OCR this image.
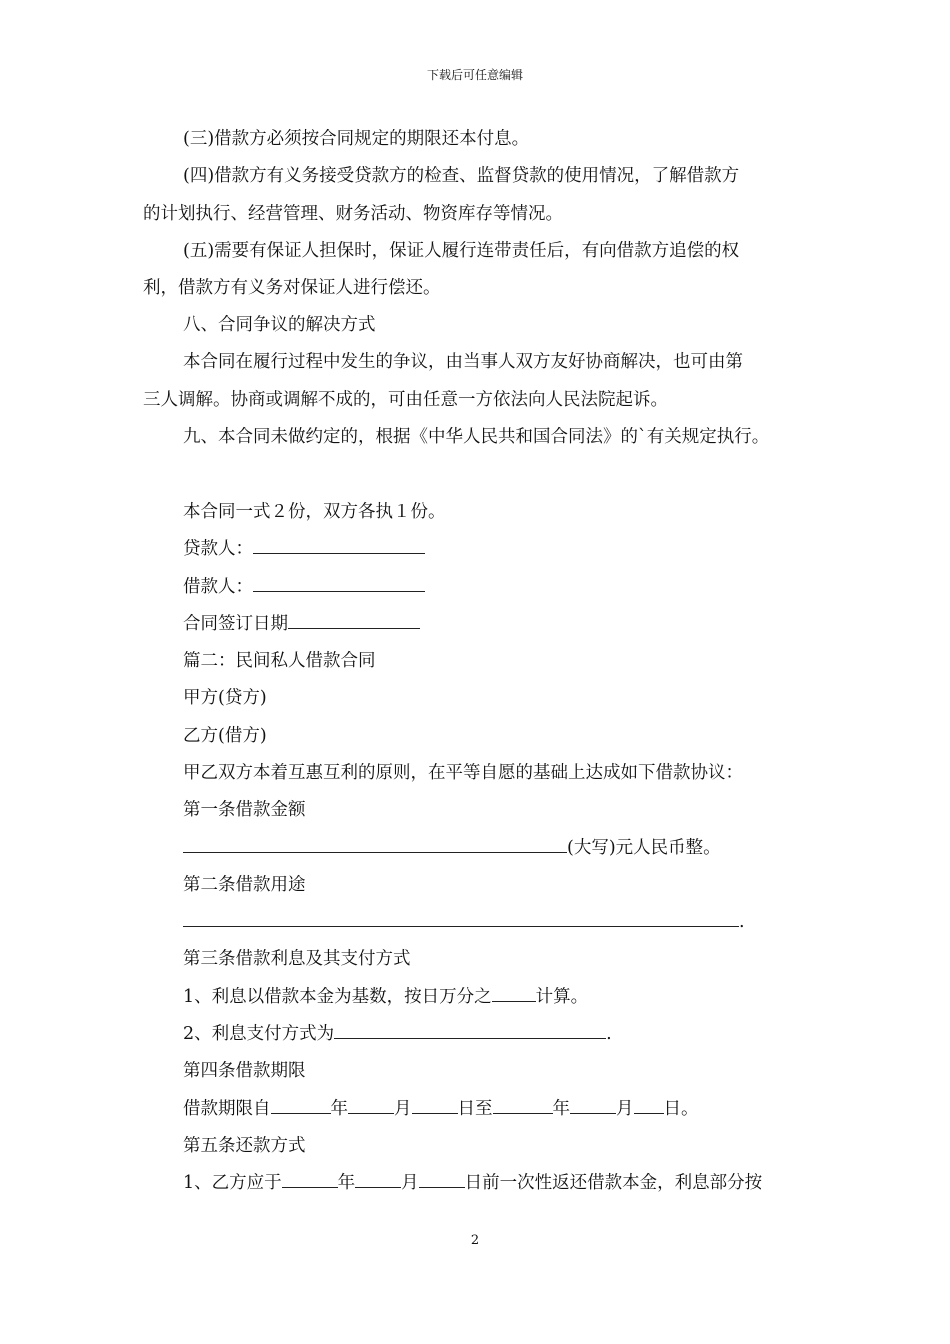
下载后可任意编辑
(三)借款方必须按合同规定的期限还本付息。
(四)借款方有义务接受贷款方的检查、监督贷款的使用情况，了解借款方
的计划执行、经营管理、财务活动、物资库存等情况。
(五)需要有保证人担保时，保证人履行连带责任后，有向借款方追偿的权
利，借款方有义务对保证人进行偿还。
八、合同争议的解决方式
本合同在履行过程中发生的争议，由当事人双方友好协商解决，也可由第
三人调解。协商或调解不成的，可由任意一方依法向人民法院起诉。
九、本合同未做约定的，根据《中华人民共和国合同法》的`有关规定执行。
本合同一式２份，双方各执１份。
贷款人：
借款人：
合同签订日期
篇二：民间私人借款合同
甲方(贷方)
乙方(借方)
甲乙双方本着互惠互利的原则，在平等自愿的基础上达成如下借款协议：
第一条借款金额
(大写)元人民币整。
第二条借款用途
.
第三条借款利息及其支付方式
1、利息以借款本金为基数，按日万分之	计算。
2、利息支付方式为	.
第四条借款期限
借款期限自	年	月	日至	年	月 日。
第五条还款方式
1、乙方应于	年	月	日前一次性返还借款本金，利息部分按
2
